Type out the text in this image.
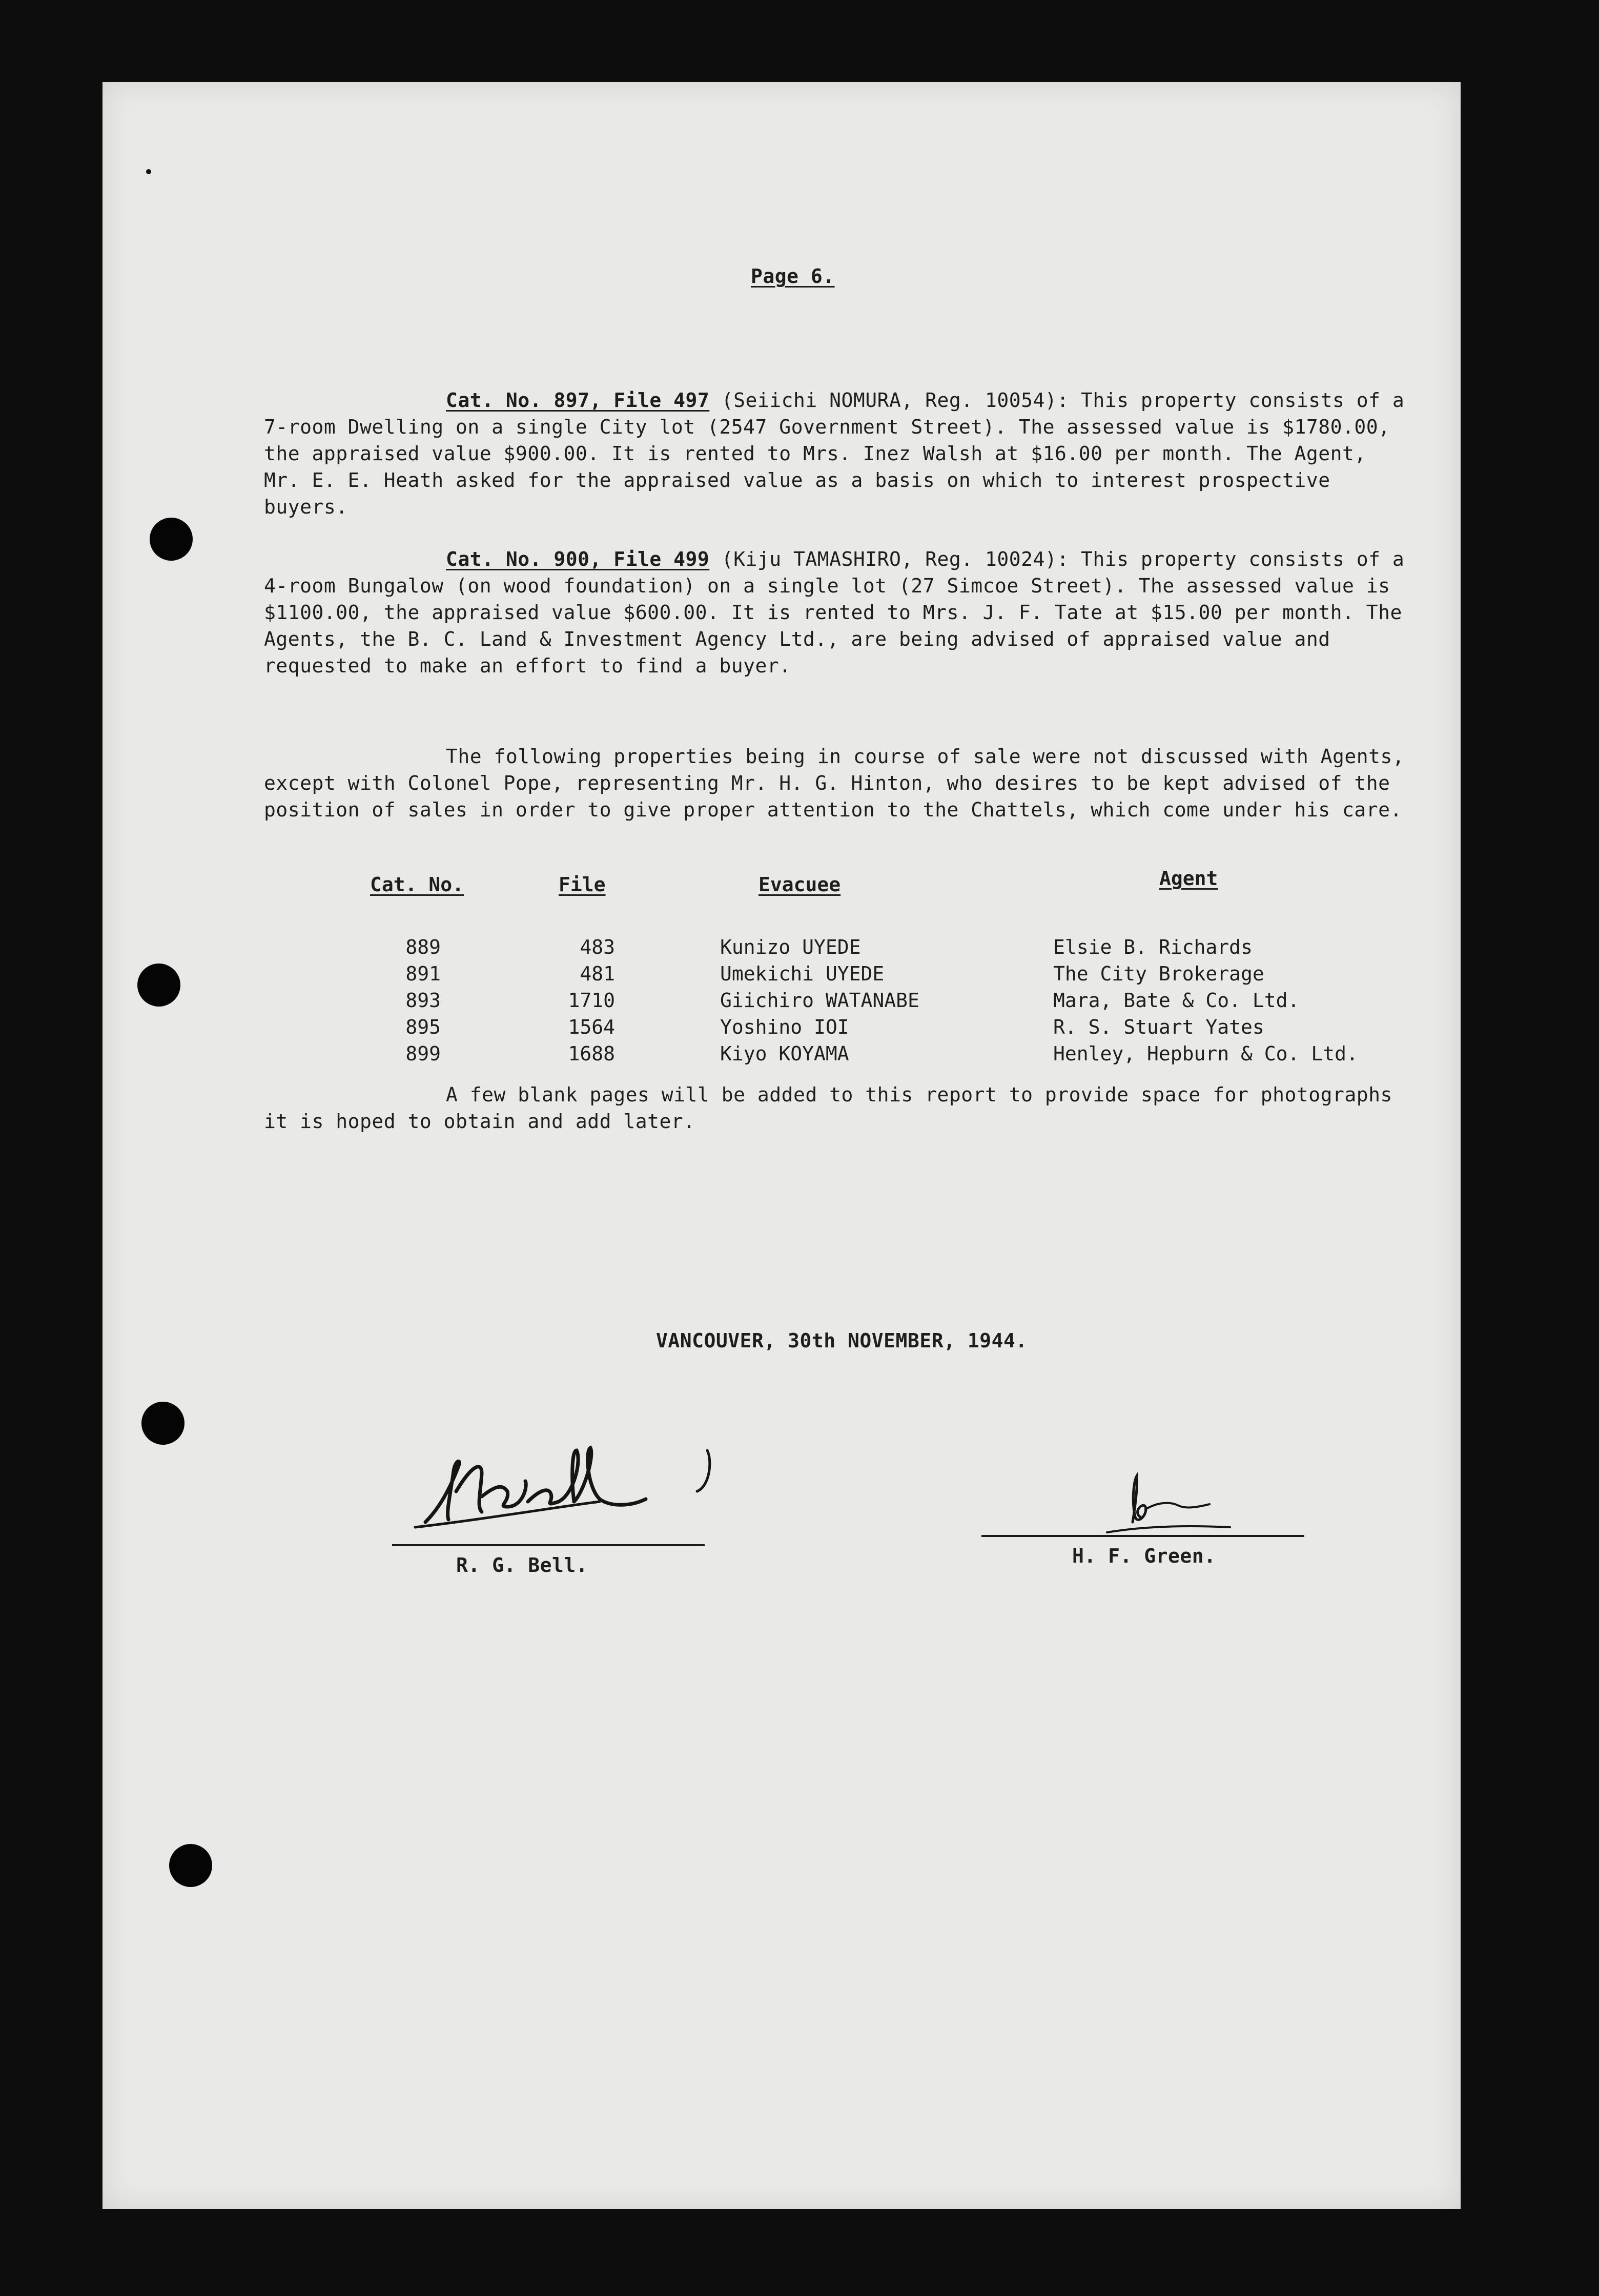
Page 6.

Cat. No. 897, File 497 (Seiichi NOMURA, Reg. 10054): This property consists of a 7-room Dwelling on a single City lot (2547 Government Street). The assessed value is $1780.00, the appraised value $900.00. It is rented to Mrs. Inez Walsh at $16.00 per month. The Agent, Mr. E. E. Heath asked for the appraised value as a basis on which to interest prospective buyers.

Cat. No. 900, File 499 (Kiju TAMASHIRO, Reg. 10024): This property consists of a 4-room Bungalow (on wood foundation) on a single lot (27 Simcoe Street). The assessed value is $1100.00, the appraised value $600.00. It is rented to Mrs. J. F. Tate at $15.00 per month. The Agents, the B. C. Land & Investment Agency Ltd., are being advised of appraised value and requested to make an effort to find a buyer.

The following properties being in course of sale were not discussed with Agents, except with Colonel Pope, representing Mr. H. G. Hinton, who desires to be kept advised of the position of sales in order to give proper attention to the Chattels, which come under his care.

Cat. No.	File	Evacuee	Agent
889	483	Kunizo UYEDE	Elsie B. Richards
891	481	Umekichi UYEDE	The City Brokerage
893	1710	Giichiro WATANABE	Mara, Bate & Co. Ltd.
895	1564	Yoshino IOI	R. S. Stuart Yates
899	1688	Kiyo KOYAMA	Henley, Hepburn & Co. Ltd.

A few blank pages will be added to this report to provide space for photographs it is hoped to obtain and add later.

VANCOUVER, 30th NOVEMBER, 1944.
R. G. Bell.	H. F. Green.
